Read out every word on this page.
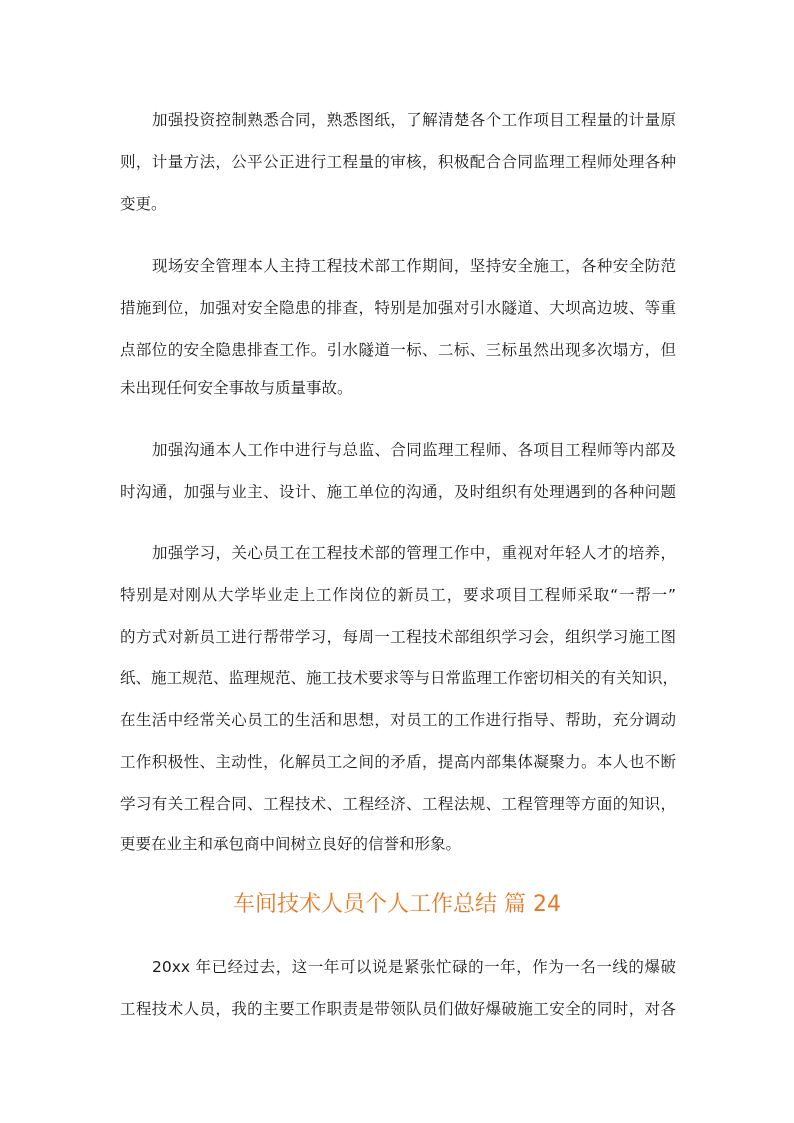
加强投资控制熟悉合同，熟悉图纸，了解清楚各个工作项目工程量的计量原
则，计量方法，公平公正进行工程量的审核，积极配合合同监理工程师处理各种
变更。
现场安全管理本人主持工程技术部工作期间，坚持安全施工，各种安全防范
措施到位，加强对安全隐患的排查，特别是加强对引水隧道、大坝高边坡、等重
点部位的安全隐患排查工作。引水隧道一标、二标、三标虽然出现多次塌方，但
未出现任何安全事故与质量事故。
加强沟通本人工作中进行与总监、合同监理工程师、各项目工程师等内部及
时沟通，加强与业主、设计、施工单位的沟通，及时组织有处理遇到的各种问题
加强学习，关心员工在工程技术部的管理工作中，重视对年轻人才的培养，
特别是对刚从大学毕业走上工作岗位的新员工，要求项目工程师采取“一帮一”
的方式对新员工进行帮带学习，每周一工程技术部组织学习会，组织学习施工图
纸、施工规范、监理规范、施工技术要求等与日常监理工作密切相关的有关知识，
在生活中经常关心员工的生活和思想，对员工的工作进行指导、帮助，充分调动
工作积极性、主动性，化解员工之间的矛盾，提高内部集体凝聚力。本人也不断
学习有关工程合同、工程技术、工程经济、工程法规、工程管理等方面的知识，
更要在业主和承包商中间树立良好的信誉和形象。
车间技术人员个人工作总结 篇 24
20xx 年已经过去，这一年可以说是紧张忙碌的一年，作为一名一线的爆破
工程技术人员，我的主要工作职责是带领队员们做好爆破施工安全的同时，对各
